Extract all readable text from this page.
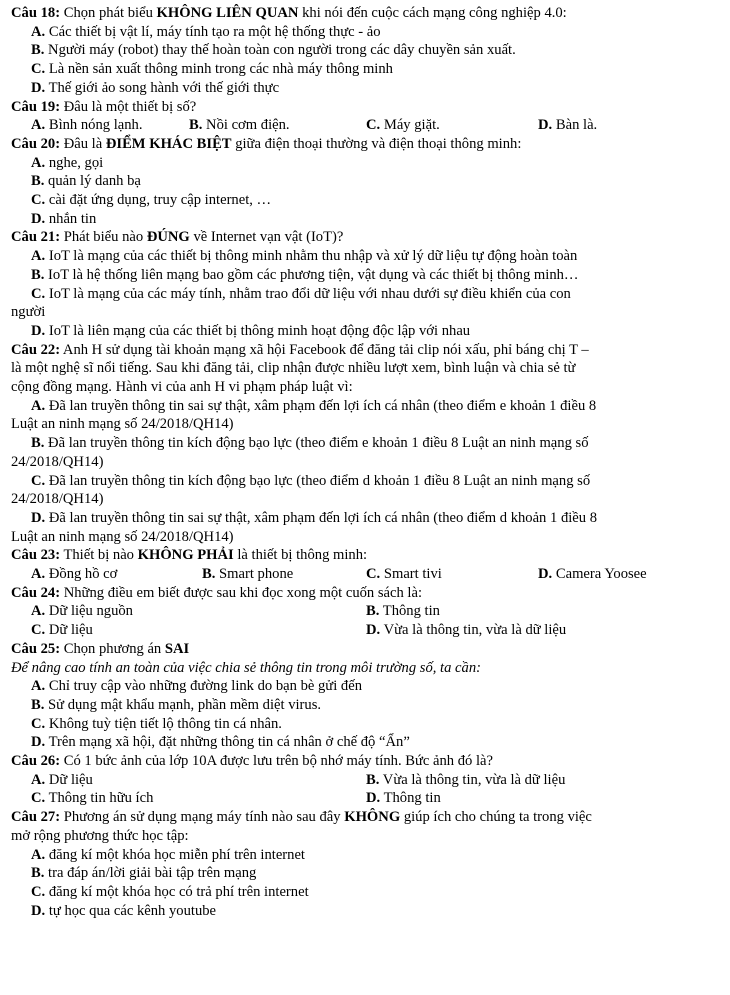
Câu 18: Chọn phát biểu KHÔNG LIÊN QUAN khi nói đến cuộc cách mạng công nghiệp 4.0:
A. Các thiết bị vật lí, máy tính tạo ra một hệ thống thực - ảo
B. Người máy (robot) thay thế hoàn toàn con người trong các dây chuyền sản xuất.
C. Là nền sản xuất thông minh trong các nhà máy thông minh
D. Thế giới ảo song hành với thế giới thực
Câu 19: Đâu là một thiết bị số?
A. Bình nóng lạnh.	B. Nồi cơm điện.	C. Máy giặt.	D. Bàn là.
Câu 20: Đâu là ĐIỂM KHÁC BIỆT giữa điện thoại thường và điện thoại thông minh:
A. nghe, gọi
B. quản lý danh bạ
C. cài đặt ứng dụng, truy cập internet, …
D. nhắn tin
Câu 21: Phát biểu nào ĐÚNG về Internet vạn vật (IoT)?
A. IoT là mạng của các thiết bị thông minh nhằm thu nhập và xử lý dữ liệu tự động hoàn toàn
B. IoT là hệ thống liên mạng bao gồm các phương tiện, vật dụng và các thiết bị thông minh…
C. IoT là mạng của các máy tính, nhằm trao đổi dữ liệu với nhau dưới sự điều khiển của con
người
D. IoT là liên mạng của các thiết bị thông minh hoạt động độc lập với nhau
Câu 22: Anh H sử dụng tài khoản mạng xã hội Facebook để đăng tải clip nói xấu, phỉ báng chị T –
là một nghệ sĩ nổi tiếng. Sau khi đăng tải, clip nhận được nhiều lượt xem, bình luận và chia sẻ từ
cộng đồng mạng. Hành vi của anh H vi phạm pháp luật vì:
A. Đã lan truyền thông tin sai sự thật, xâm phạm đến lợi ích cá nhân (theo điểm e khoản 1 điều 8
Luật an ninh mạng số 24/2018/QH14)
B. Đã lan truyền thông tin kích động bạo lực (theo điểm e khoản 1 điều 8 Luật an ninh mạng số
24/2018/QH14)
C. Đã lan truyền thông tin kích động bạo lực (theo điểm d khoản 1 điều 8 Luật an ninh mạng số
24/2018/QH14)
D. Đã lan truyền thông tin sai sự thật, xâm phạm đến lợi ích cá nhân (theo điểm d khoản 1 điều 8
Luật an ninh mạng số 24/2018/QH14)
Câu 23: Thiết bị nào KHÔNG PHẢI là thiết bị thông minh:
A. Đồng hồ cơ	B. Smart phone	C. Smart tivi	D. Camera Yoosee
Câu 24: Những điều em biết được sau khi đọc xong một cuốn sách là:
A. Dữ liệu nguồn	B. Thông tin
C. Dữ liệu	D. Vừa là thông tin, vừa là dữ liệu
Câu 25: Chọn phương án SAI
Để nâng cao tính an toàn của việc chia sẻ thông tin trong môi trường số, ta cần:
A. Chỉ truy cập vào những đường link do bạn bè gửi đến
B. Sử dụng mật khẩu mạnh, phần mềm diệt virus.
C. Không tuỳ tiện tiết lộ thông tin cá nhân.
D. Trên mạng xã hội, đặt những thông tin cá nhân ở chế độ “Ẩn”
Câu 26: Có 1 bức ảnh của lớp 10A được lưu trên bộ nhớ máy tính. Bức ảnh đó là?
A. Dữ liệu	B. Vừa là thông tin, vừa là dữ liệu
C. Thông tin hữu ích	D. Thông tin
Câu 27: Phương án sử dụng mạng máy tính nào sau đây KHÔNG giúp ích cho chúng ta trong việc
mở rộng phương thức học tập:
A. đăng kí một khóa học miễn phí trên internet
B. tra đáp án/lời giải bài tập trên mạng
C. đăng kí một khóa học có trả phí trên internet
D. tự học qua các kênh youtube
